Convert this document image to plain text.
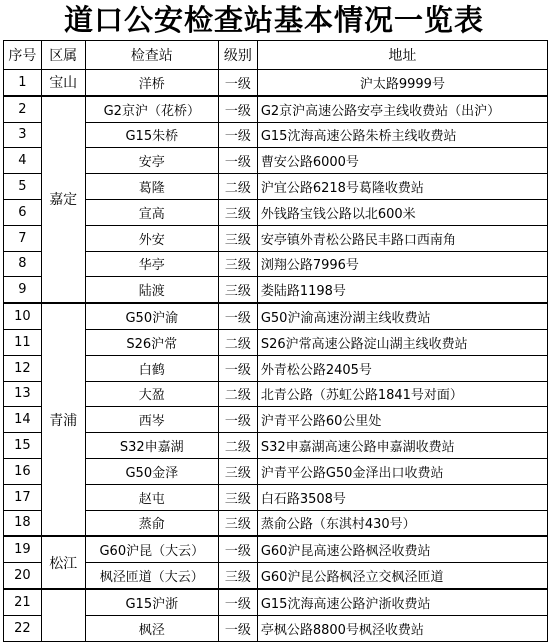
道口公安检查站基本情况一览表
序号	区属	检查站	级别	地址
1	宝山	洋桥	一级	沪太路9999号
2	嘉定	G2京沪（花桥）	一级	G2京沪高速公路安亭主线收费站（出沪）
3		G15朱桥	一级	G15沈海高速公路朱桥主线收费站
4		安亭	一级	曹安公路6000号
5		葛隆	二级	沪宜公路6218号葛隆收费站
6		宣高	三级	外钱路宝钱公路以北600米
7		外安	三级	安亭镇外青松公路民丰路口西南角
8		华亭	三级	浏翔公路7996号
9		陆渡	三级	娄陆路1198号
10	青浦	G50沪渝	一级	G50沪渝高速汾湖主线收费站
11		S26沪常	二级	S26沪常高速公路淀山湖主线收费站
12		白鹤	一级	外青松公路2405号
13		大盈	二级	北青公路（苏虹公路1841号对面）
14		西岑	一级	沪青平公路60公里处
15		S32申嘉湖	二级	S32申嘉湖高速公路申嘉湖收费站
16		G50金泽	三级	沪青平公路G50金泽出口收费站
17		赵屯	三级	白石路3508号
18		蒸俞	三级	蒸俞公路（东淇村430号）
19	松江	G60沪昆（大云）	一级	G60沪昆高速公路枫泾收费站
20		枫泾匝道（大云）	三级	G60沪昆公路枫泾立交枫泾匝道
21		G15沪浙	一级	G15沈海高速公路沪浙收费站
22		枫泾	一级	亭枫公路8800号枫泾收费站
